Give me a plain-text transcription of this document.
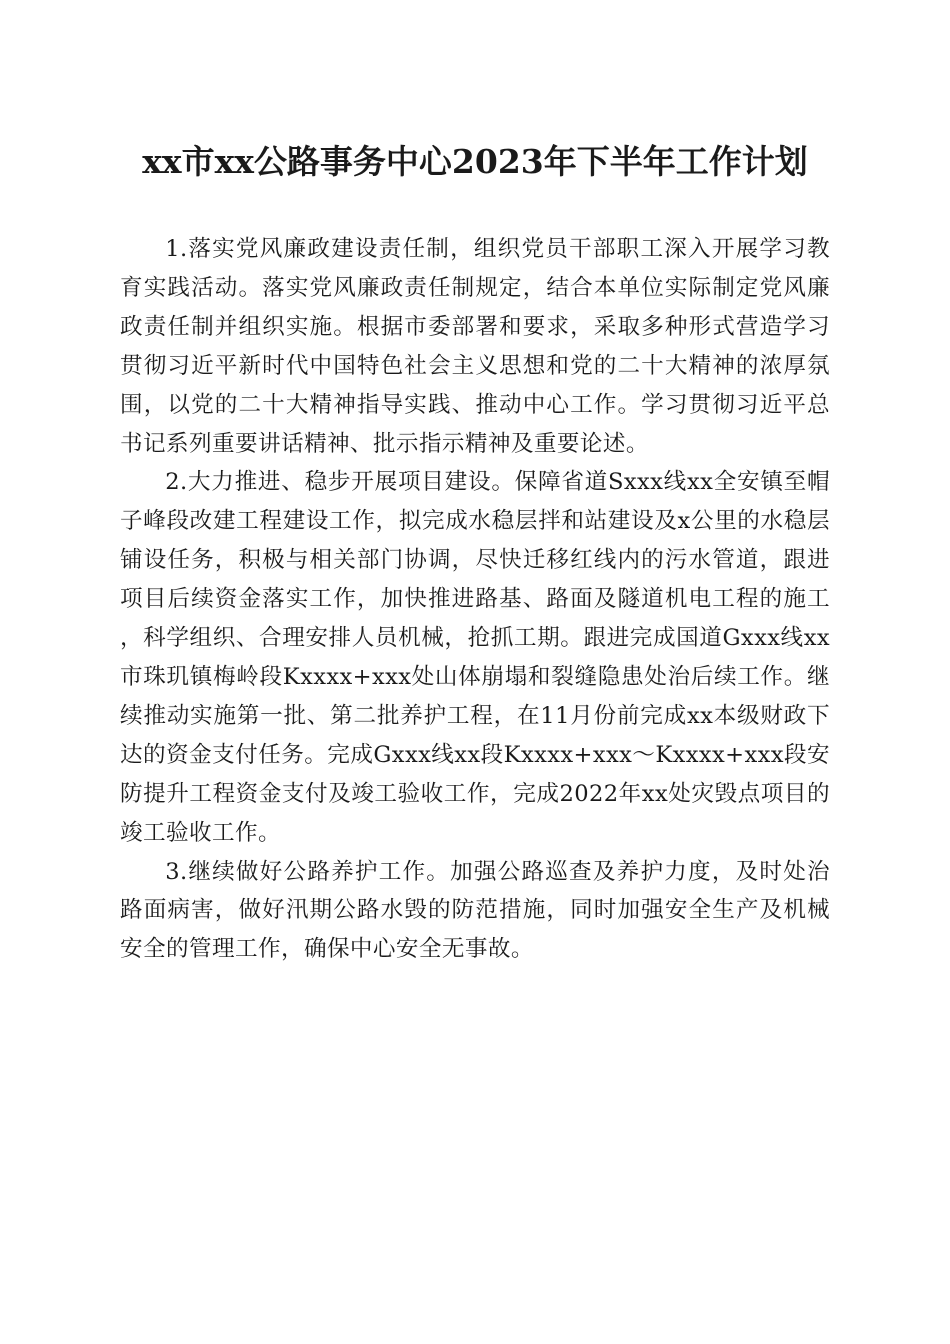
xx市xx公路事务中心2023年下半年工作计划

1.落实党风廉政建设责任制，组织党员干部职工深入开展学习教育实践活动。落实党风廉政责任制规定，结合本单位实际制定党风廉政责任制并组织实施。根据市委部署和要求，采取多种形式营造学习贯彻习近平新时代中国特色社会主义思想和党的二十大精神的浓厚氛围，以党的二十大精神指导实践、推动中心工作。学习贯彻习近平总书记系列重要讲话精神、批示指示精神及重要论述。

2.大力推进、稳步开展项目建设。保障省道Sxxx线xx全安镇至帽子峰段改建工程建设工作，拟完成水稳层拌和站建设及x公里的水稳层铺设任务，积极与相关部门协调，尽快迁移红线内的污水管道，跟进项目后续资金落实工作，加快推进路基、路面及隧道机电工程的施工，科学组织、合理安排人员机械，抢抓工期。跟进完成国道Gxxx线xx市珠玑镇梅岭段Kxxxx+xxx处山体崩塌和裂缝隐患处治后续工作。继续推动实施第一批、第二批养护工程，在11月份前完成xx本级财政下达的资金支付任务。完成Gxxx线xx段Kxxxx+xxx～Kxxxx+xxx段安防提升工程资金支付及竣工验收工作，完成2022年xx处灾毁点项目的竣工验收工作。

3.继续做好公路养护工作。加强公路巡查及养护力度，及时处治路面病害，做好汛期公路水毁的防范措施，同时加强安全生产及机械安全的管理工作，确保中心安全无事故。
